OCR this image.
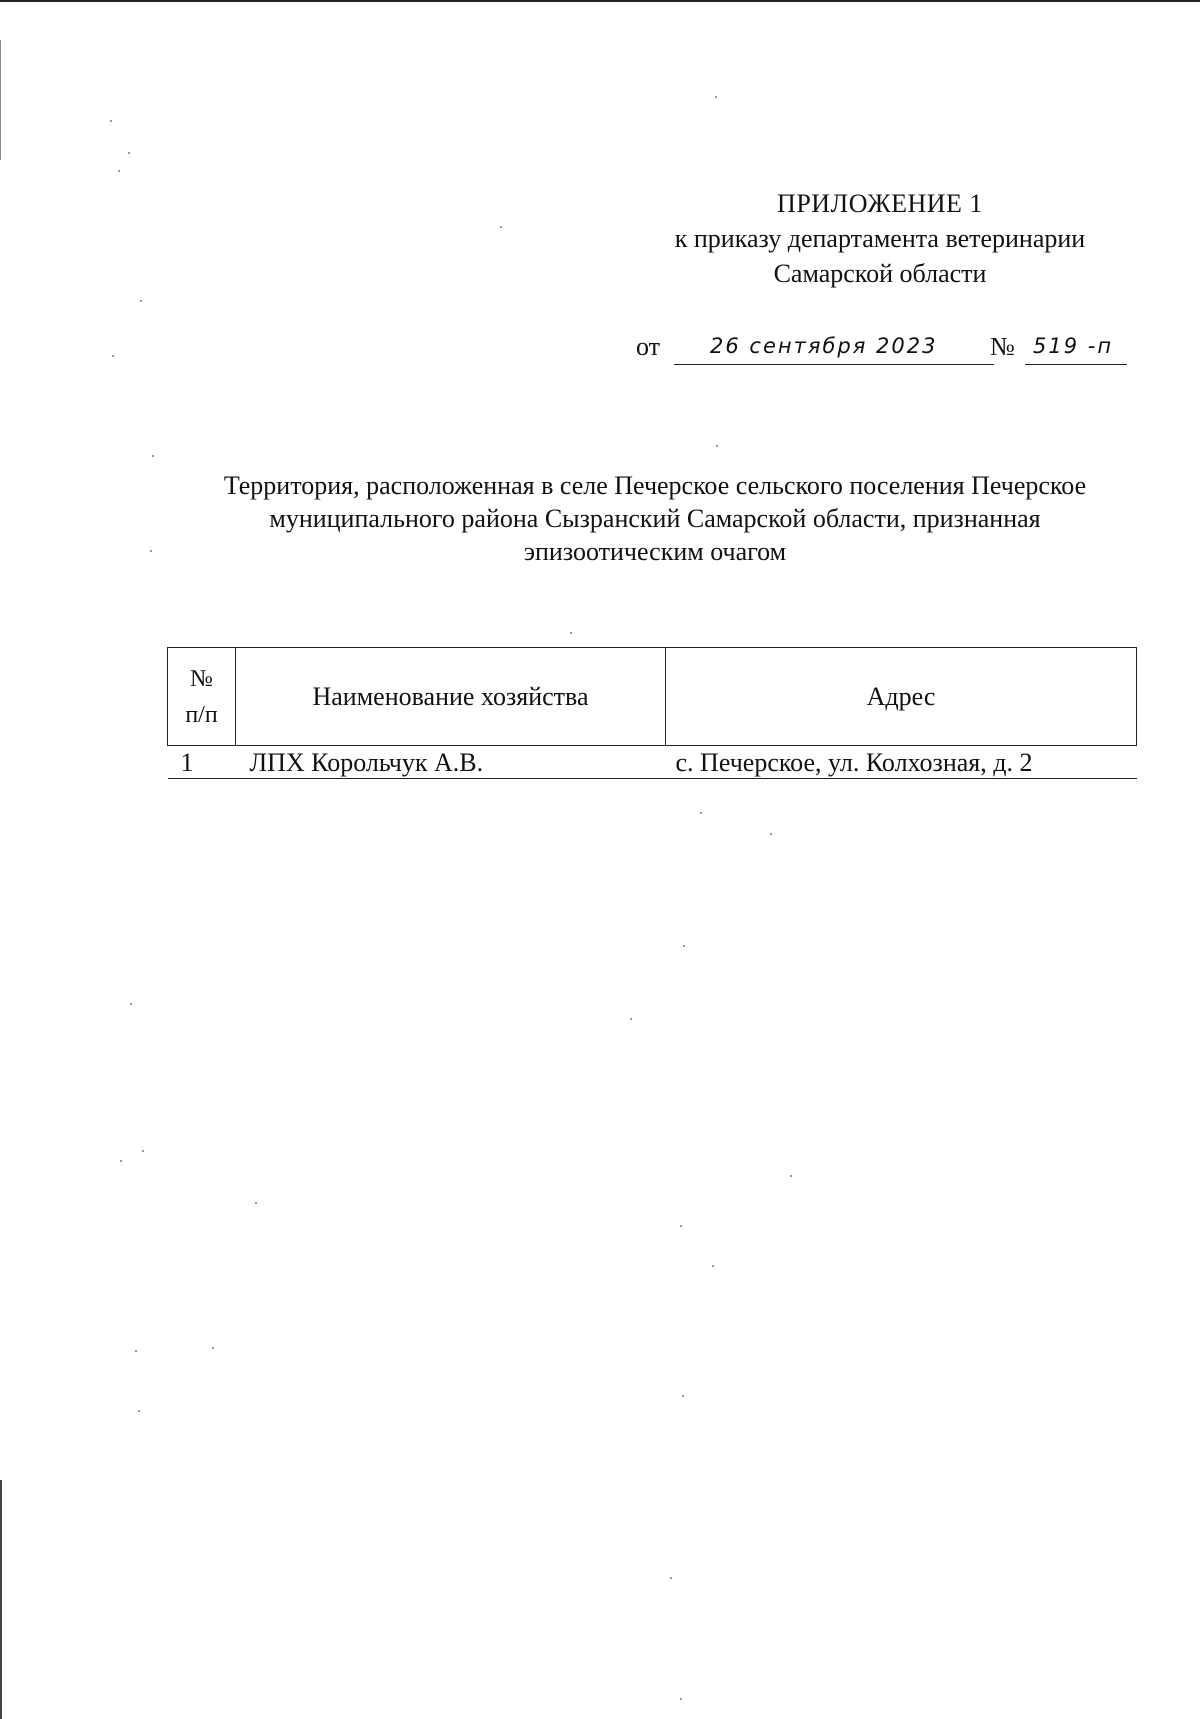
ПРИЛОЖЕНИЕ 1
к приказу департамента ветеринарии
Самарской области
от 26 сентября 2023 № 519 -п
Территория, расположенная в селе Печерское сельского поселения Печерское
муниципального района Сызранский Самарской области, признанная
эпизоотическим очагом
№
п/п	Наименование хозяйства	Адрес
1	ЛПХ Корольчук А.В.	с. Печерское, ул. Колхозная, д. 2
